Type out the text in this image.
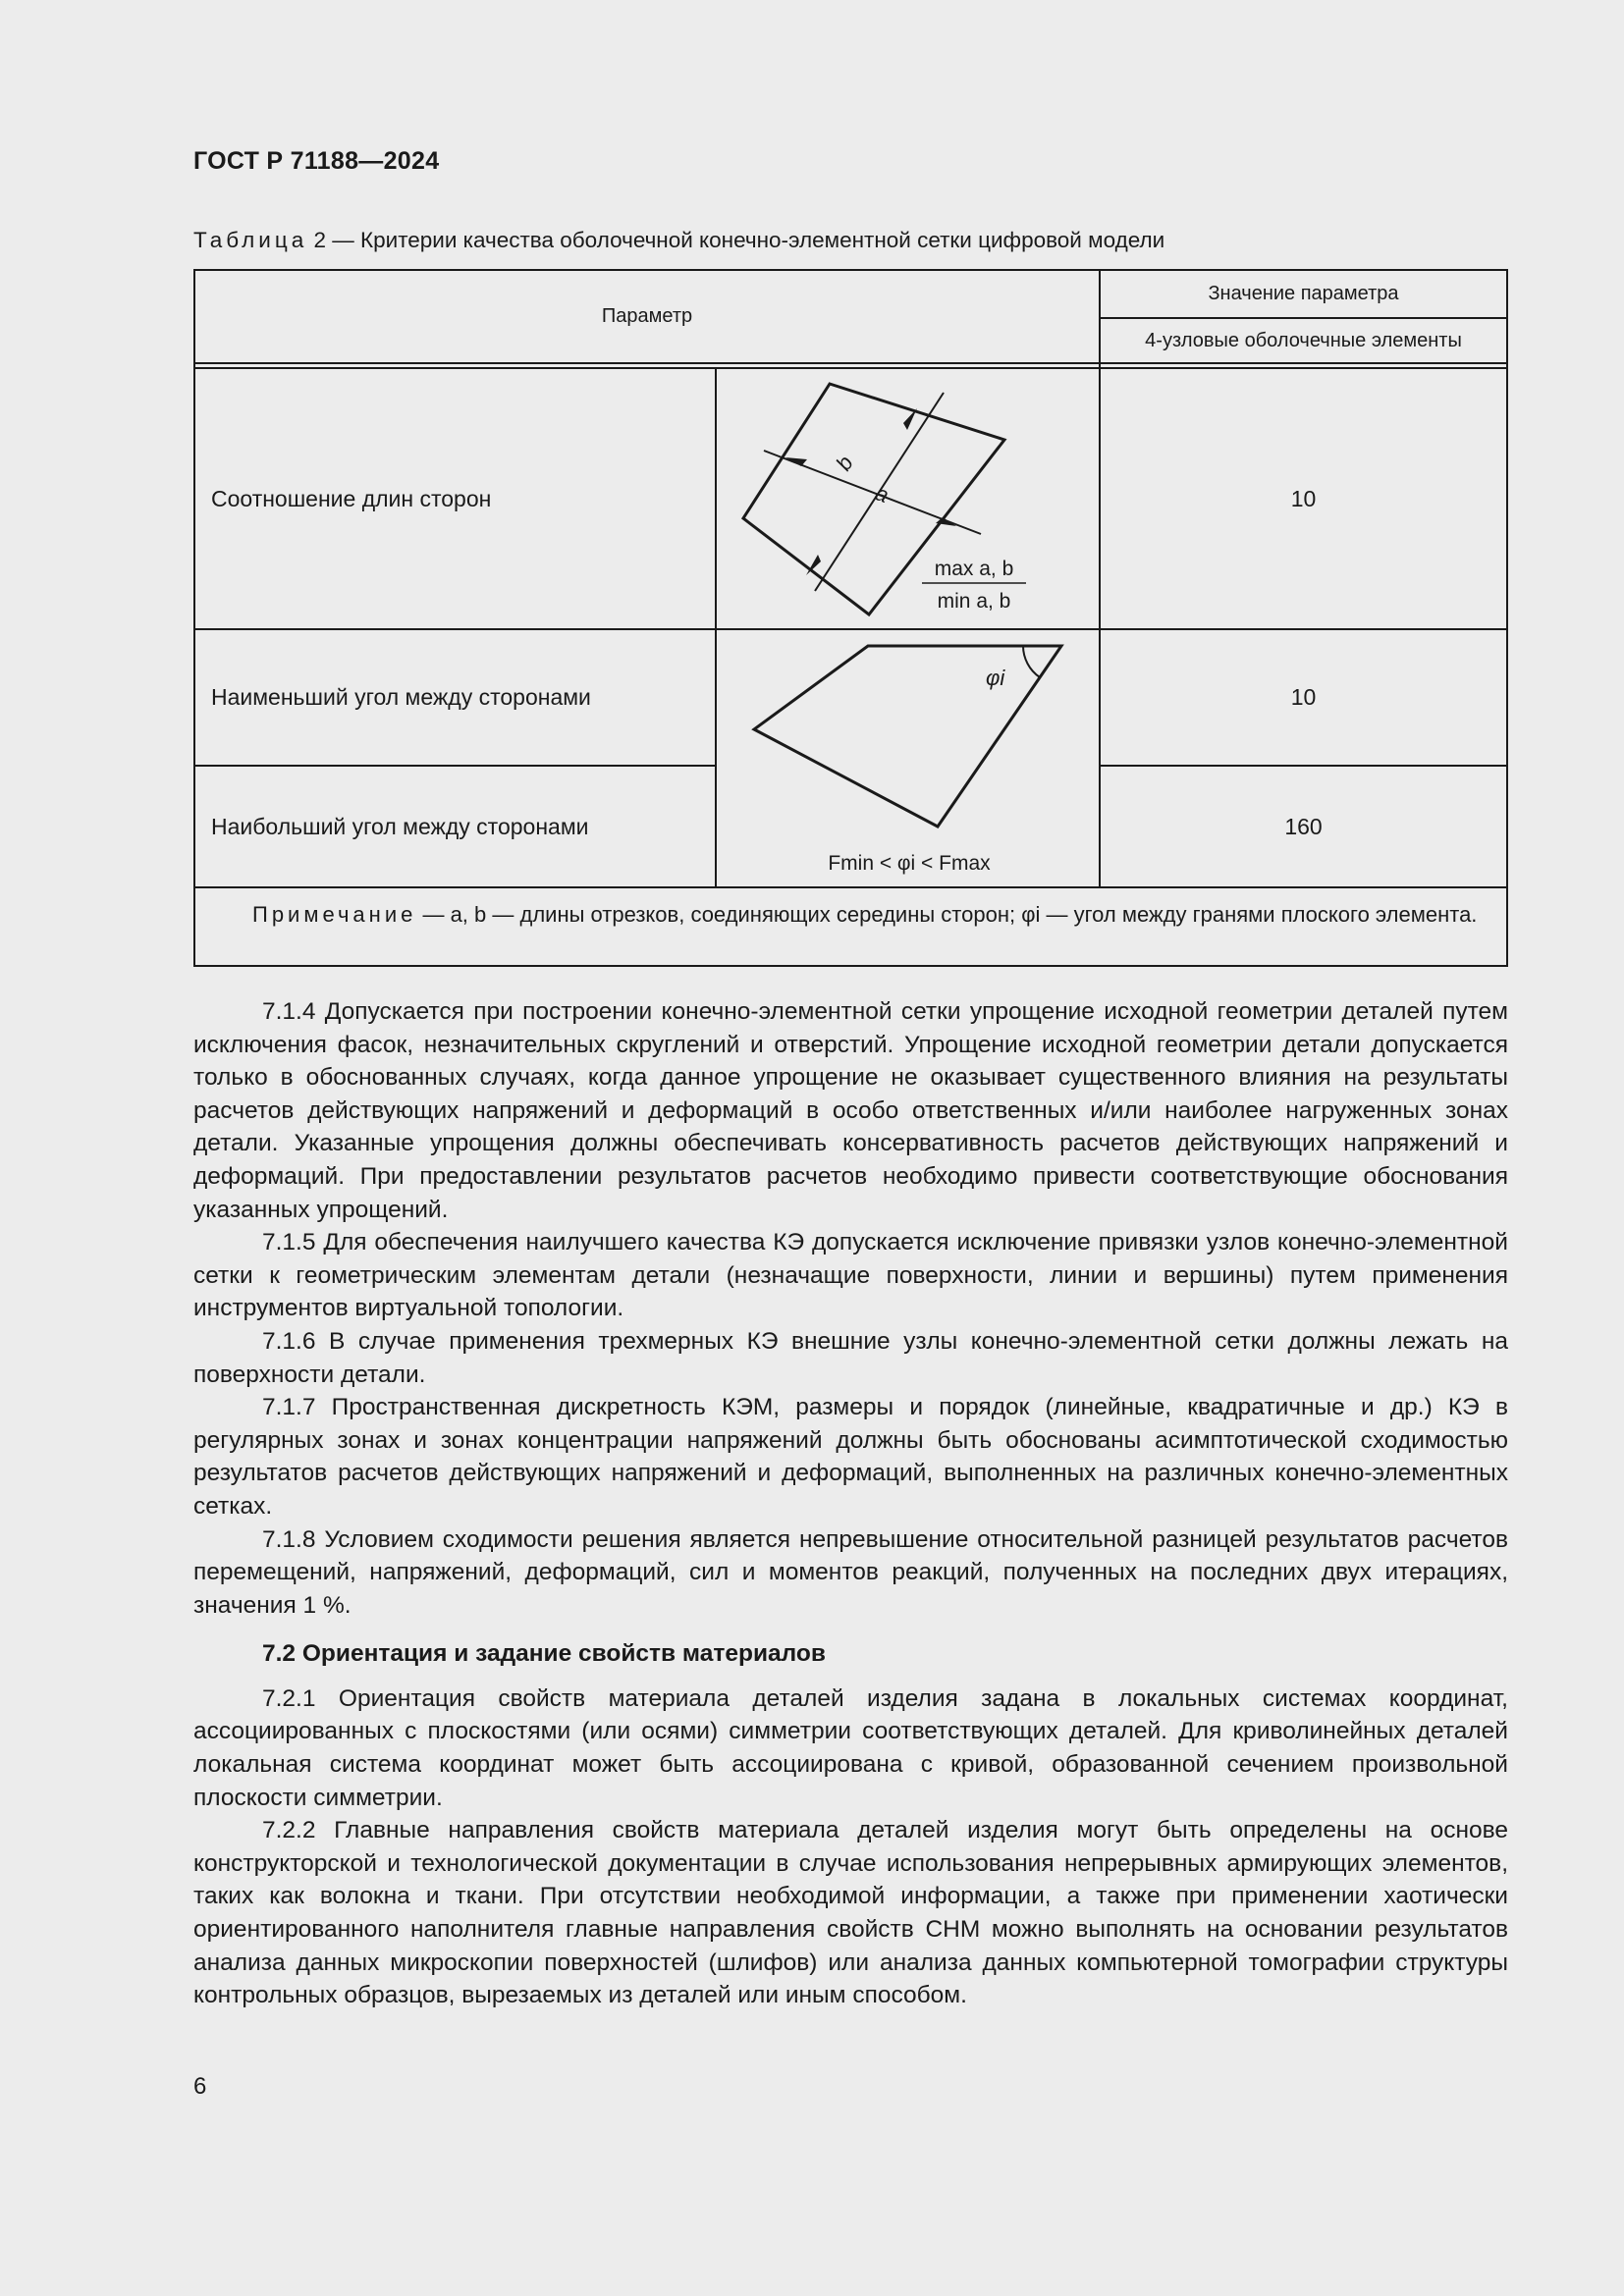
ГОСТ Р 71188—2024
Таблица 2 — Критерии качества оболочечной конечно-элементной сетки цифровой модели
Параметр
Значение параметра
4-узловые оболочечные элементы
Соотношение длин сторон	10
Наименьший угол между сторонами	10
Наибольший угол между сторонами	160
b
a
max a, b
min a, b
φi
Fmin < φi < Fmax
Примечание — a, b — длины отрезков, соединяющих середины сторон; φi — угол между гранями плоского элемента.

7.1.4 Допускается при построении конечно-элементной сетки упрощение исходной геометрии деталей путем исключения фасок, незначительных скруглений и отверстий. Упрощение исходной геометрии детали допускается только в обоснованных случаях, когда данное упрощение не оказывает существенного влияния на результаты расчетов действующих напряжений и деформаций в особо ответственных и/или наиболее нагруженных зонах детали. Указанные упрощения должны обеспечивать консервативность расчетов действующих напряжений и деформаций. При предоставлении результатов расчетов необходимо привести соответствующие обоснования указанных упрощений.

7.1.5 Для обеспечения наилучшего качества КЭ допускается исключение привязки узлов конечно-элементной сетки к геометрическим элементам детали (незначащие поверхности, линии и вершины) путем применения инструментов виртуальной топологии.

7.1.6 В случае применения трехмерных КЭ внешние узлы конечно-элементной сетки должны лежать на поверхности детали.

7.1.7 Пространственная дискретность КЭМ, размеры и порядок (линейные, квадратичные и др.) КЭ в регулярных зонах и зонах концентрации напряжений должны быть обоснованы асимптотической сходимостью результатов расчетов действующих напряжений и деформаций, выполненных на различных конечно-элементных сетках.

7.1.8 Условием сходимости решения является непревышение относительной разницей результатов расчетов перемещений, напряжений, деформаций, сил и моментов реакций, полученных на последних двух итерациях, значения 1 %.

7.2 Ориентация и задание свойств материалов

7.2.1 Ориентация свойств материала деталей изделия задана в локальных системах координат, ассоциированных с плоскостями (или осями) симметрии соответствующих деталей. Для криволинейных деталей локальная система координат может быть ассоциирована с кривой, образованной сечением произвольной плоскости симметрии.

7.2.2 Главные направления свойств материала деталей изделия могут быть определены на основе конструкторской и технологической документации в случае использования непрерывных армирующих элементов, таких как волокна и ткани. При отсутствии необходимой информации, а также при применении хаотически ориентированного наполнителя главные направления свойств СНМ можно выполнять на основании результатов анализа данных микроскопии поверхностей (шлифов) или анализа данных компьютерной томографии структуры контрольных образцов, вырезаемых из деталей или иным способом.

6
